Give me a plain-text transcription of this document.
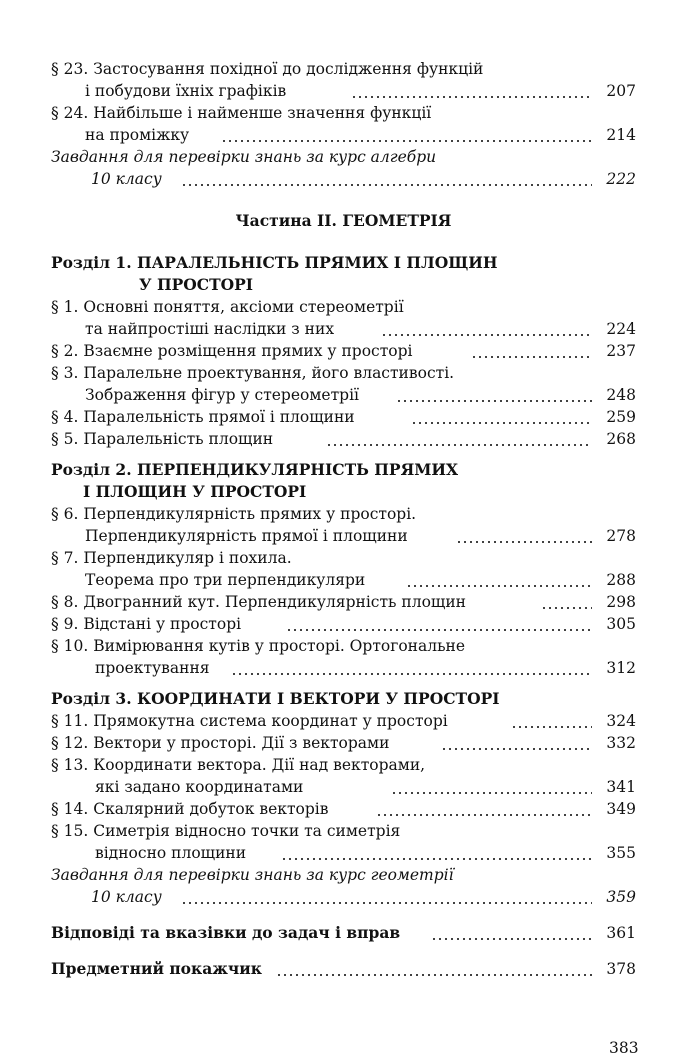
§ 23. Застосування похідної до дослідження функцій
і побудови їхніх графіків	207
§ 24. Найбільше і найменше значення функції
на проміжку	214
Завдання для перевірки знань за курс алгебри
10 класу	222
Частина II. ГЕОМЕТРІЯ
Розділ 1. ПАРАЛЕЛЬНІСТЬ ПРЯМИХ І ПЛОЩИН
У ПРОСТОРІ
§ 1. Основні поняття, аксіоми стереометрії
та найпростіші наслідки з них	224
§ 2. Взаємне розміщення прямих у просторі	237
§ 3. Паралельне проектування, його властивості.
Зображення фігур у стереометрії	248
§ 4. Паралельність прямої і площини	259
§ 5. Паралельність площин	268
Розділ 2. ПЕРПЕНДИКУЛЯРНІСТЬ ПРЯМИХ
І ПЛОЩИН У ПРОСТОРІ
§ 6. Перпендикулярність прямих у просторі.
Перпендикулярність прямої і площини	278
§ 7. Перпендикуляр і похила.
Теорема про три перпендикуляри	288
§ 8. Двогранний кут. Перпендикулярність площин	298
§ 9. Відстані у просторі	305
§ 10. Вимірювання кутів у просторі. Ортогональне
проектування	312
Розділ 3. КООРДИНАТИ І ВЕКТОРИ У ПРОСТОРІ
§ 11. Прямокутна система координат у просторі	324
§ 12. Вектори у просторі. Дії з векторами	332
§ 13. Координати вектора. Дії над векторами,
які задано координатами	341
§ 14. Скалярний добуток векторів	349
§ 15. Симетрія відносно точки та симетрія
відносно площини	355
Завдання для перевірки знань за курс геометрії
10 класу	359
Відповіді та вказівки до задач і вправ	361
Предметний покажчик	378
383
